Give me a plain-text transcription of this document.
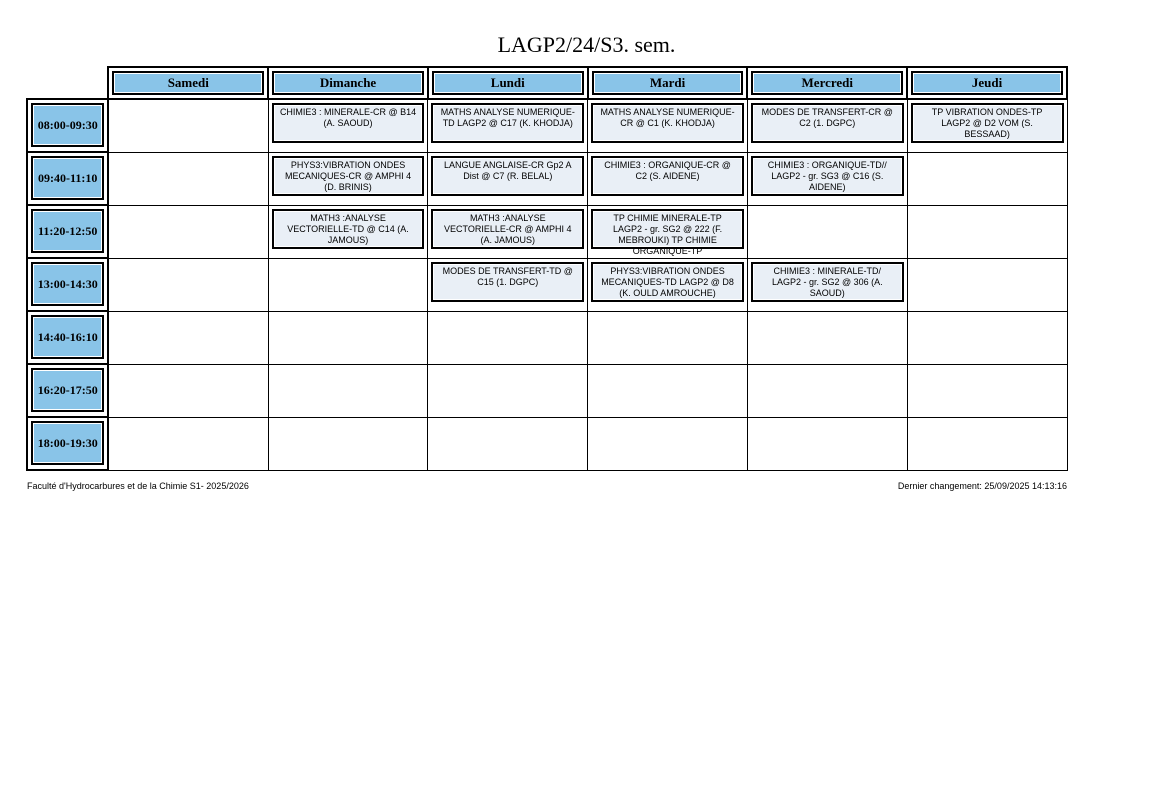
LAGP2/24/S3. sem.

	Samedi	Dimanche	Lundi	Mardi	Mercredi	Jeudi

08:00-09:30		CHIMIE3 : MINERALE-CR @ B14 (A. SAOUD)	MATHS ANALYSE NUMERIQUE-TD LAGP2 @ C17 (K. KHODJA)	MATHS ANALYSE NUMERIQUE-CR @ C1 (K. KHODJA)	MODES DE TRANSFERT-CR @ C2 (1. DGPC)	TP VIBRATION ONDES-TP LAGP2 @ D2 VOM (S. BESSAAD)

09:40-11:10		PHYS3:VIBRATION ONDES MECANIQUES-CR @ AMPHI 4 (D. BRINIS)	LANGUE ANGLAISE-CR Gp2 A Dist @ C7 (R. BELAL)	CHIMIE3 : ORGANIQUE-CR @ C2 (S. AIDENE)	CHIMIE3 : ORGANIQUE-TD// LAGP2 - gr. SG3 @ C16 (S. AIDENE)	

11:20-12:50		MATH3 :ANALYSE VECTORIELLE-TD @ C14 (A. JAMOUS)	MATH3 :ANALYSE VECTORIELLE-CR @ AMPHI 4 (A. JAMOUS)	TP CHIMIE MINERALE-TP LAGP2 - gr. SG2 @ 222 (F. MEBROUKI) TP CHIMIE ORGANIQUE-TP		

13:00-14:30			MODES DE TRANSFERT-TD @ C15 (1. DGPC)	PHYS3:VIBRATION ONDES MECANIQUES-TD LAGP2 @ D8 (K. OULD AMROUCHE)	CHIMIE3 : MINERALE-TD/ LAGP2 - gr. SG2 @ 306 (A. SAOUD)	

14:40-16:10						

16:20-17:50						

18:00-19:30						

Faculté d'Hydrocarbures et de la Chimie S1- 2025/2026	Dernier changement: 25/09/2025 14:13:16
